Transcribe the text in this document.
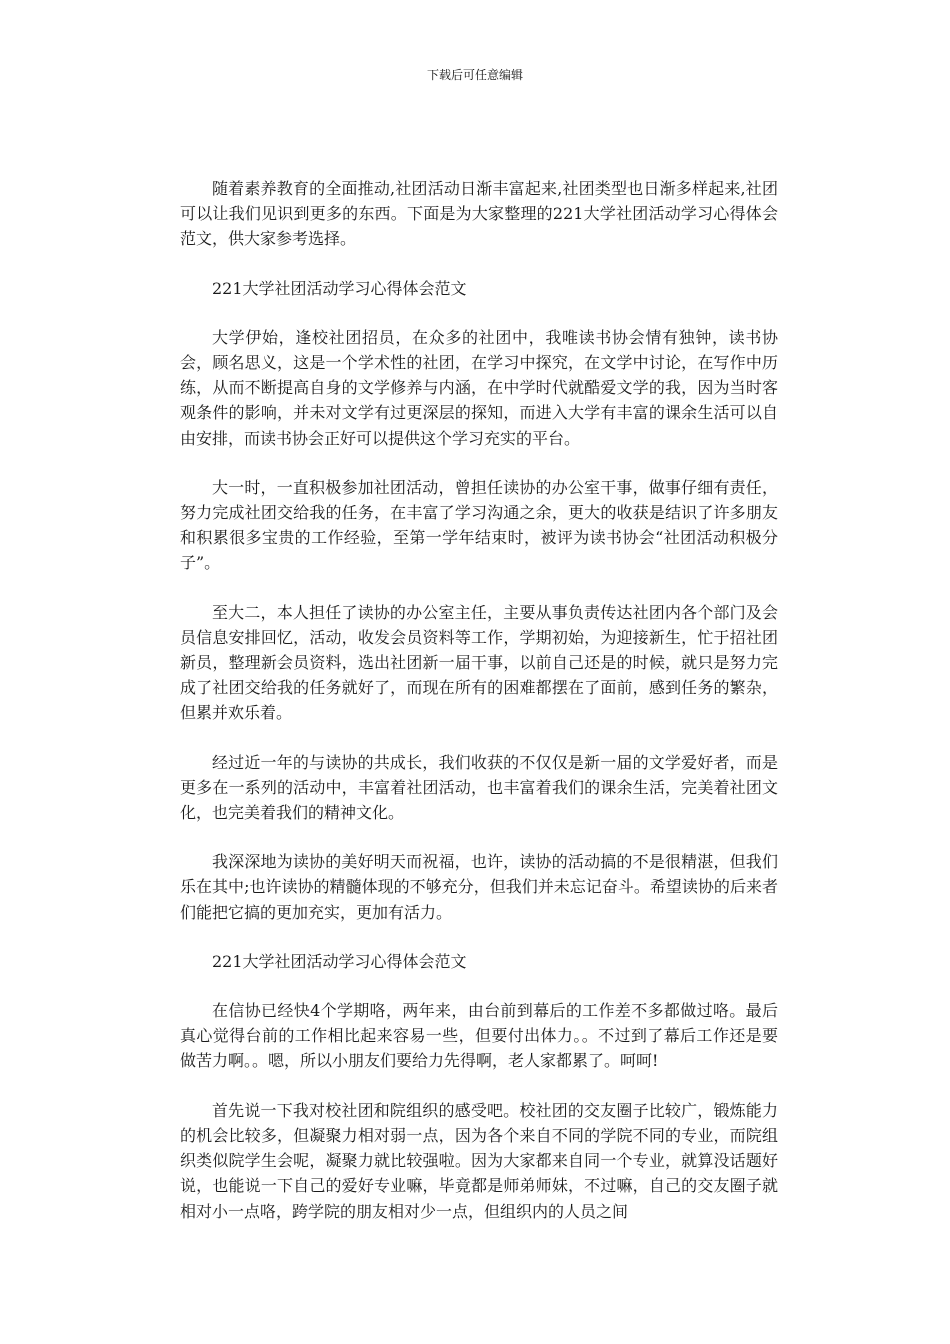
下载后可任意编辑

随着素养教育的全面推动,社团活动日渐丰富起来,社团类型也日渐多样起来,社团可以让我们见识到更多的东西。下面是为大家整理的221大学社团活动学习心得体会范文，供大家参考选择。

221大学社团活动学习心得体会范文

大学伊始，逢校社团招员，在众多的社团中，我唯读书协会情有独钟，读书协会，顾名思义，这是一个学术性的社团，在学习中探究，在文学中讨论，在写作中历练，从而不断提高自身的文学修养与内涵，在中学时代就酷爱文学的我，因为当时客观条件的影响，并未对文学有过更深层的探知，而进入大学有丰富的课余生活可以自由安排，而读书协会正好可以提供这个学习充实的平台。

大一时，一直积极参加社团活动，曾担任读协的办公室干事，做事仔细有责任，努力完成社团交给我的任务，在丰富了学习沟通之余，更大的收获是结识了许多朋友和积累很多宝贵的工作经验，至第一学年结束时，被评为读书协会“社团活动积极分子”。

至大二，本人担任了读协的办公室主任，主要从事负责传达社团内各个部门及会员信息安排回忆，活动，收发会员资料等工作，学期初始，为迎接新生，忙于招社团新员，整理新会员资料，选出社团新一届干事，以前自己还是的时候，就只是努力完成了社团交给我的任务就好了，而现在所有的困难都摆在了面前，感到任务的繁杂，但累并欢乐着。

经过近一年的与读协的共成长，我们收获的不仅仅是新一届的文学爱好者，而是更多在一系列的活动中，丰富着社团活动，也丰富着我们的课余生活，完美着社团文化，也完美着我们的精神文化。

我深深地为读协的美好明天而祝福，也许，读协的活动搞的不是很精湛，但我们乐在其中;也许读协的精髓体现的不够充分，但我们并未忘记奋斗。希望读协的后来者们能把它搞的更加充实，更加有活力。

221大学社团活动学习心得体会范文

在信协已经快4个学期咯，两年来，由台前到幕后的工作差不多都做过咯。最后真心觉得台前的工作相比起来容易一些，但要付出体力。。不过到了幕后工作还是要做苦力啊。。嗯，所以小朋友们要给力先得啊，老人家都累了。呵呵!

首先说一下我对校社团和院组织的感受吧。校社团的交友圈子比较广，锻炼能力的机会比较多，但凝聚力相对弱一点，因为各个来自不同的学院不同的专业，而院组织类似院学生会呢，凝聚力就比较强啦。因为大家都来自同一个专业，就算没话题好说，也能说一下自己的爱好专业嘛，毕竟都是师弟师妹，不过嘛，自己的交友圈子就相对小一点咯，跨学院的朋友相对少一点，但组织内的人员之间
